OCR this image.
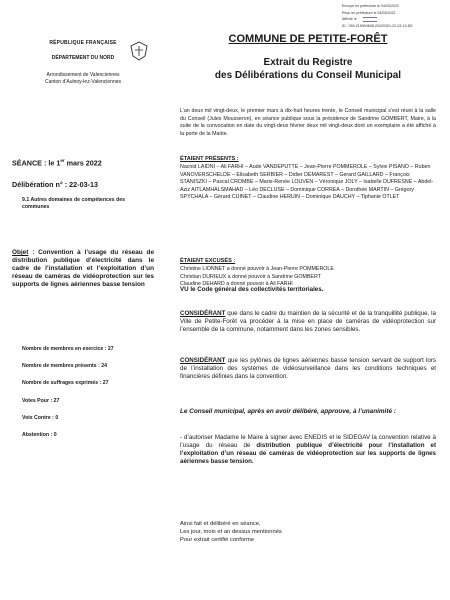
Envoyé en préfecture le 04/03/2022
Reçu en préfecture le 04/03/2022
Affiché le
ID : 059-215904608-20220301-22-03-13-DE
RÉPUBLIQUE FRANÇAISE
DÉPARTEMENT DU NORD
Arrondissement de Valenciennes
Canton d’Aulnoy-lez-Valenciennes
COMMUNE DE PETITE-FORÊT
Extrait du Registre
des Délibérations du Conseil Municipal
SÉANCE : le 1er mars 2022
Délibération n° : 22-03-13
9.1 Autres domaines de compétences des communes
Objet : Convention à l’usage du réseau de distribution publique d’électricité dans le cadre de l’installation et l’exploitation d’un réseau de caméras de vidéoprotection sur les supports de lignes aériennes basse tension
Nombre de membres en exercice : 27
Nombre de membres présents : 24
Nombre de suffrages exprimés : 27
Votes Pour : 27
Voix Contre : 0
Abstention : 0
L’an deux mil vingt-deux, le premier mars à dix-huit heures trente, le Conseil municipal s’est réuni à la salle du Conseil (Jules Mousseron), en séance publique sous la présidence de Sandrine GOMBERT, Maire, à la suite de la convocation en date du vingt-deux février deux mil vingt-deux dont un exemplaire a été affiché à la porte de la Mairie.
ÉTAIENT PRÉSENTS :
Nacnid LAIDNI – Ali FARHI – Aude VANDEPUTTE – Jean-Pierre POMMEROLE – Sylvie PISANO – Ruben VANOVERSCHELDE – Elisabeth SERBIER – Didier DEMAREST – Gerard GAILLARD – François STANISZKI – Pascal CROMBE – Marie-Renée LOUVEN – Véronique JOLY – Isabelle DUFRESNE – Abdel-Aziz AITLAMHALSMAHAD – Léo DECLUSE – Dominique CORREA – Dorothée MARTIN – Grégory SPYCHALA – Gérard CUINET – Claudine HERUIN – Dominique DAUCHY – Tiphanie OTLET
ÉTAIENT EXCUSÉS :
Christine LIONNET a donné pouvoir à Jean-Pierre POMMEROLE
Christian DURIEUX a donné pouvoir à Sandrine GOMBERT
Claudine DEHARD a donné pouvoir à Ali FARHI
VU le Code général des collectivités territoriales.
CONSIDÉRANT que dans le cadre du maintien de la sécurité et de la tranquillité publique, la Ville de Petite-Forêt va procéder à la mise en place de caméras de vidéoprotection sur l’ensemble de la commune, notamment dans les zones sensibles.
CONSIDÉRANT que les pylônes de lignes aériennes basse tension servant de support lors de l’installation des systèmes de vidéosurveillance dans les conditions techniques et financières définies dans la convention.
Le Conseil municipal, après en avoir délibéré, approuve, à l’unanimité :
- d’autoriser Madame le Maire à signer avec ENEDIS et le SIDEGAV la convention relative à l’usage du réseau de distribution publique d’électricité pour l’installation et l’exploitation d’un réseau de caméras de vidéoprotection sur les supports de lignes aériennes basse tension.
Ainsi fait et délibéré en séance,
Les jour, mois et an dessus mentionnés
Pour extrait certifié conforme
